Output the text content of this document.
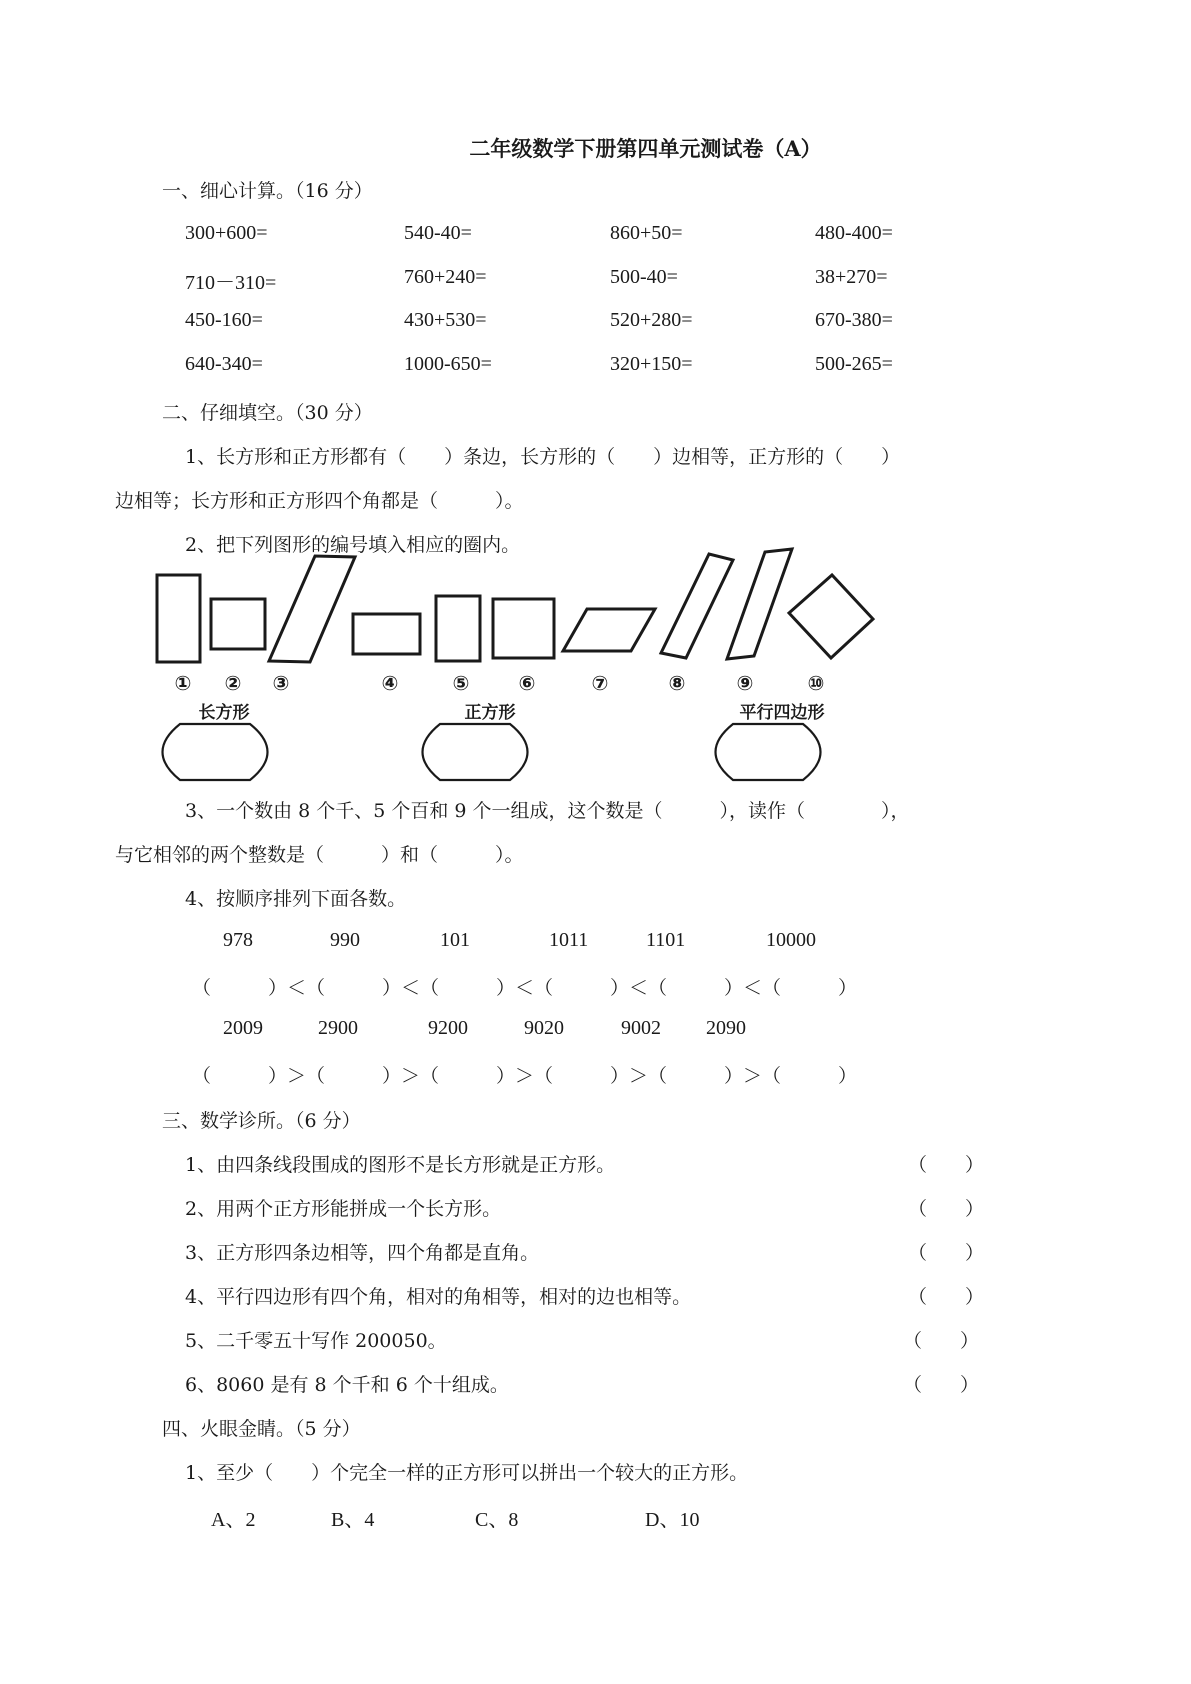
二年级数学下册第四单元测试卷（A）
一、细心计算。（16 分）
300+600=	540-40=	860+50=	480-400=
710－310=	760+240=	500-40=	38+270=
450-160=	430+530=	520+280=	670-380=
640-340=	1000-650=	320+150=	500-265=
二、仔细填空。（30 分）
1、长方形和正方形都有（　　）条边，长方形的（　　）边相等，正方形的（　　）
边相等；长方形和正方形四个角都是（　　　）。
2、把下列图形的编号填入相应的圈内。
① ② ③	④	⑤ ⑥	⑦	⑧	⑨	⑩
长方形	正方形	平行四边形
3、一个数由 8 个千、5 个百和 9 个一组成，这个数是（　　　），读作（　　　　），
与它相邻的两个整数是（　　　）和（　　　）。
4、按顺序排列下面各数。
978	990	101	1011	1101	10000
（　　　）＜（　　　）＜（　　　）＜（　　　）＜（　　　）＜（　　　）
2009	2900	9200	9020	9002 2090
（　　　）＞（　　　）＞（　　　）＞（　　　）＞（　　　）＞（　　　）
三、数学诊所。（6 分）
1、由四条线段围成的图形不是长方形就是正方形。	（　　）
2、用两个正方形能拼成一个长方形。	（　　）
3、正方形四条边相等，四个角都是直角。	（　　）
4、平行四边形有四个角，相对的角相等，相对的边也相等。	（　　）
5、二千零五十写作 200050。	（　　）
6、8060 是有 8 个千和 6 个十组成。	（　　）
四、火眼金睛。（5 分）
1、至少（　　）个完全一样的正方形可以拼出一个较大的正方形。
A、2	B、4	C、8	D、10
